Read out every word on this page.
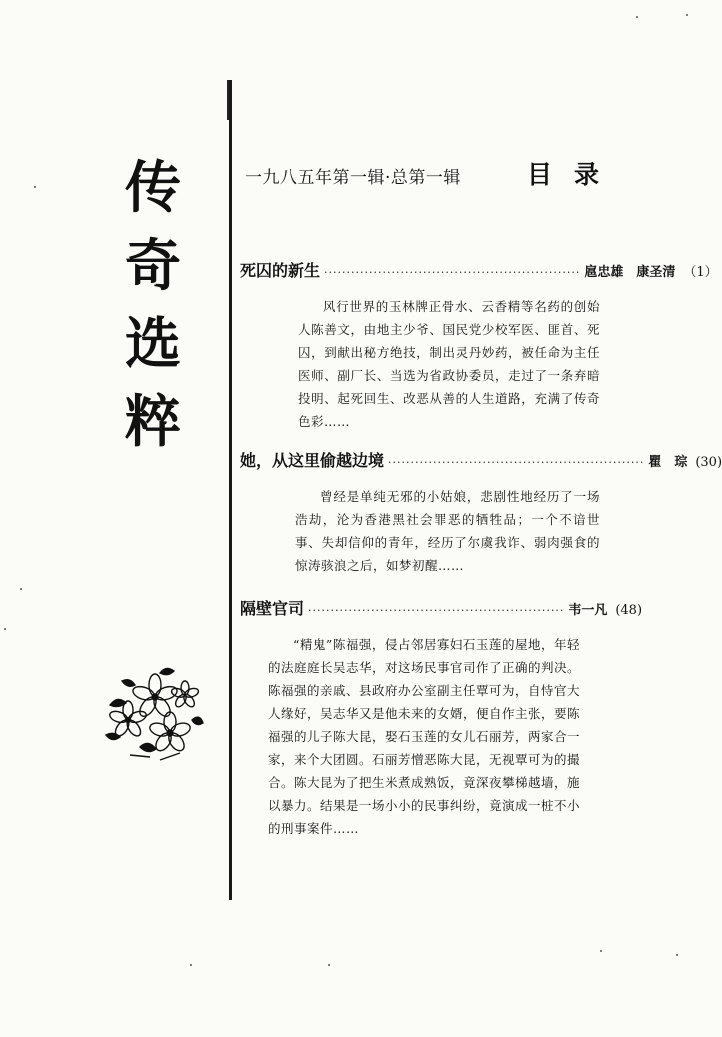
传
奇
选
粹
一九八五年第一辑·总第一辑	目录
死囚的新生 ························································· 扈忠雄　康圣清 （1）
风行世界的玉林牌正骨水、云香精等名药的创始人陈善文，由地主少爷、国民党少校军医、匪首、死囚，到献出秘方绝技，制出灵丹妙药，被任命为主任医师、副厂长、当选为省政协委员，走过了一条弃暗投明、起死回生、改恶从善的人生道路，充满了传奇色彩……
她，从这里偷越边境 ························································· 瞿　琮 (30)
曾经是单纯无邪的小姑娘，悲剧性地经历了一场浩劫，沦为香港黑社会罪恶的牺牲品；一个不谙世事、失却信仰的青年，经历了尔虞我诈、弱肉强食的惊涛骇浪之后，如梦初醒……
隔壁官司 ························································· 韦一凡 (48)
“精鬼”陈福强，侵占邻居寡妇石玉莲的屋地，年轻的法庭庭长吴志华，对这场民事官司作了正确的判决。陈福强的亲戚、县政府办公室副主任覃可为，自恃官大人缘好，吴志华又是他未来的女婿，便自作主张，要陈福强的儿子陈大昆，娶石玉莲的女儿石丽芳，两家合一家，来个大团圆。石丽芳憎恶陈大昆，无视覃可为的撮合。陈大昆为了把生米煮成熟饭，竟深夜攀梯越墙，施以暴力。结果是一场小小的民事纠纷，竟演成一桩不小的刑事案件……
